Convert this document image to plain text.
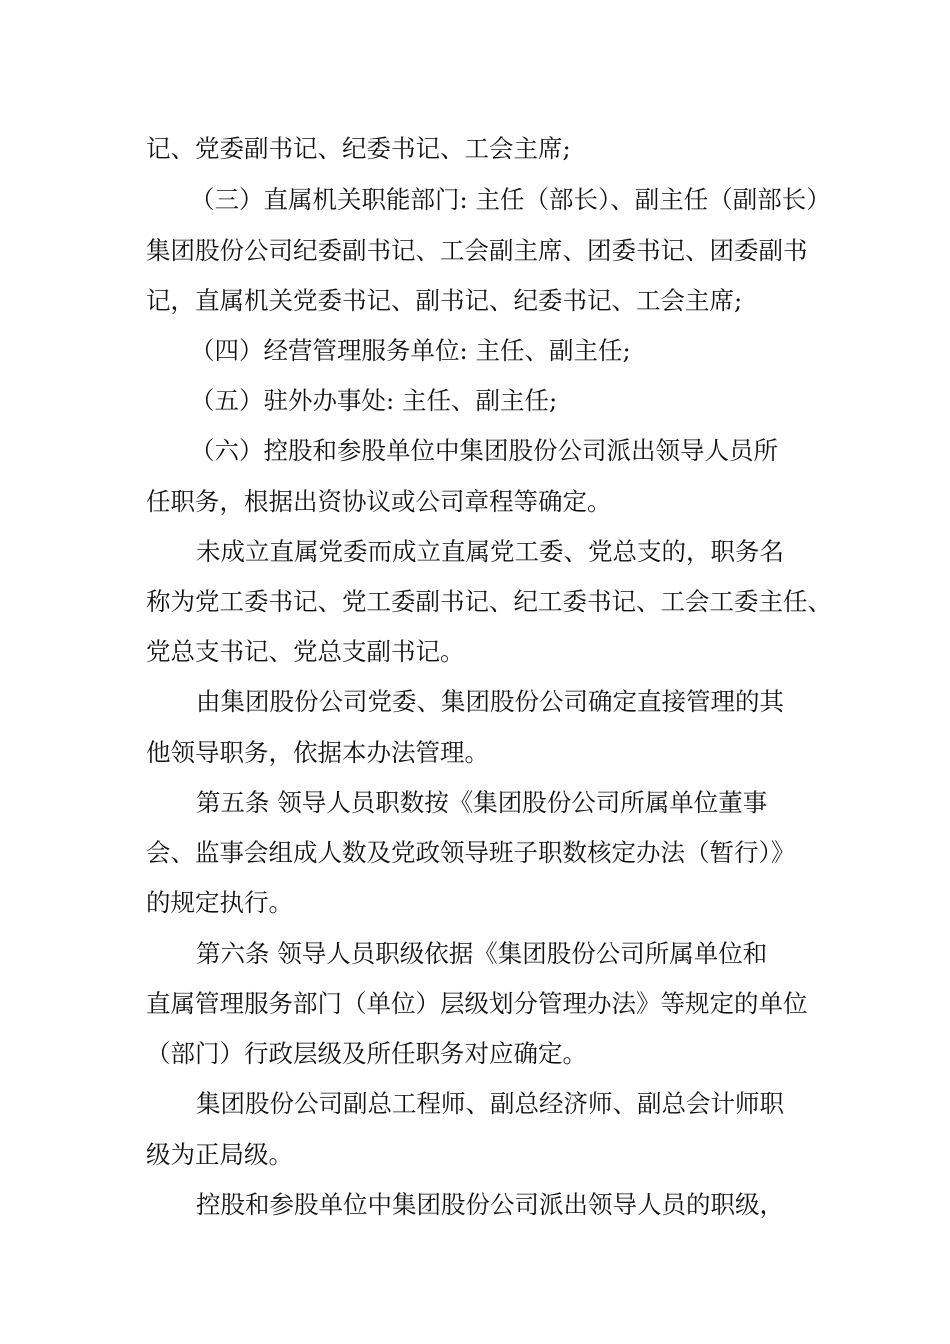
记、党委副书记、纪委书记、工会主席;
（三）直属机关职能部门: 主任（部长）、副主任（副部长）
集团股份公司纪委副书记、工会副主席、团委书记、团委副书
记，直属机关党委书记、副书记、纪委书记、工会主席;
（四）经营管理服务单位: 主任、副主任;
（五）驻外办事处: 主任、副主任;
（六）控股和参股单位中集团股份公司派出领导人员所
任职务，根据出资协议或公司章程等确定。
未成立直属党委而成立直属党工委、党总支的，职务名
称为党工委书记、党工委副书记、纪工委书记、工会工委主任、
党总支书记、党总支副书记。
由集团股份公司党委、集团股份公司确定直接管理的其
他领导职务，依据本办法管理。
第五条 领导人员职数按《集团股份公司所属单位董事
会、监事会组成人数及党政领导班子职数核定办法（暂行）》
的规定执行。
第六条 领导人员职级依据《集团股份公司所属单位和
直属管理服务部门（单位）层级划分管理办法》等规定的单位
（部门）行政层级及所任职务对应确定。
集团股份公司副总工程师、副总经济师、副总会计师职
级为正局级。
控股和参股单位中集团股份公司派出领导人员的职级，
